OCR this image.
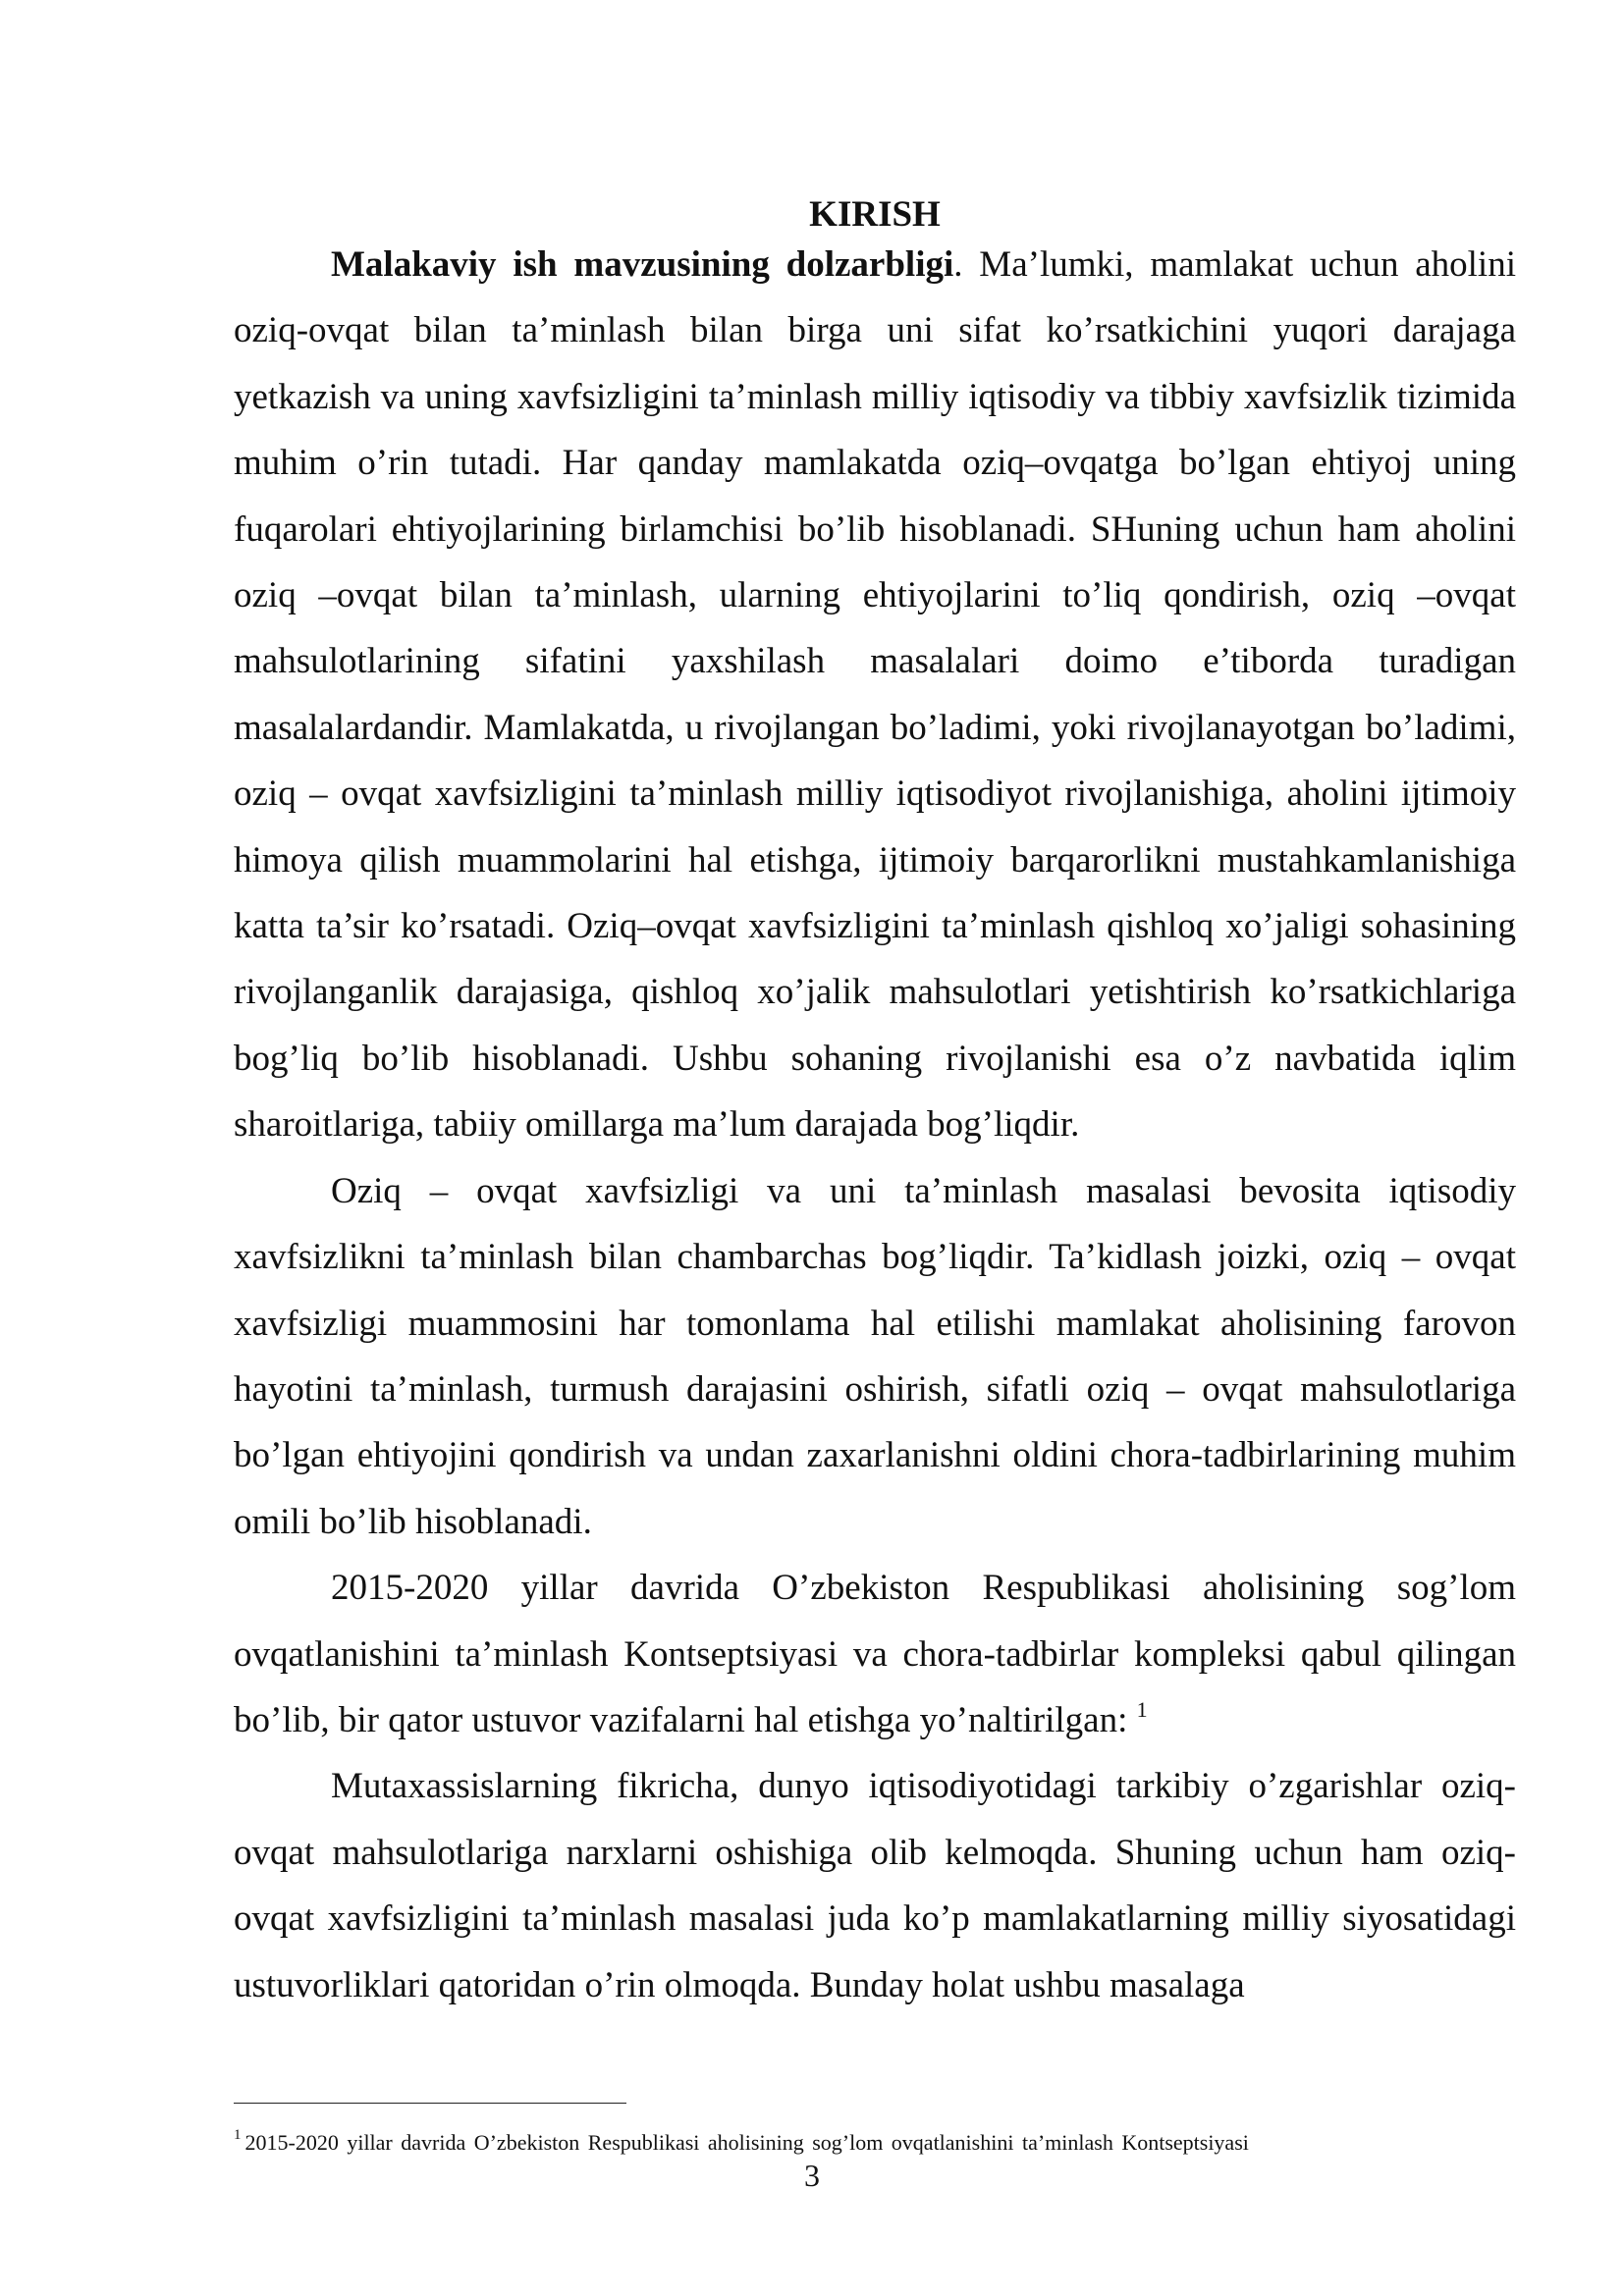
KIRISH

Malakaviy ish mavzusining dolzarbligi. Ma’lumki, mamlakat uchun aholini oziq-ovqat bilan ta’minlash bilan birga uni sifat ko’rsatkichini yuqori darajaga yetkazish va uning xavfsizligini ta’minlash milliy iqtisodiy va tibbiy xavfsizlik tizimida muhim o’rin tutadi. Har qanday mamlakatda oziq–ovqatga bo’lgan ehtiyoj uning fuqarolari ehtiyojlarining birlamchisi bo’lib hisoblanadi. SHuning uchun ham aholini oziq –ovqat bilan ta’minlash, ularning ehtiyojlarini to’liq qondirish, oziq –ovqat mahsulotlarining sifatini yaxshilash masalalari doimo e’tiborda turadigan masalalardandir. Mamlakatda, u rivojlangan bo’ladimi, yoki rivojlanayotgan bo’ladimi, oziq – ovqat xavfsizligini ta’minlash milliy iqtisodiyot rivojlanishiga, aholini ijtimoiy himoya qilish muammolarini hal etishga, ijtimoiy barqarorlikni mustahkamlanishiga katta ta’sir ko’rsatadi. Oziq–ovqat xavfsizligini ta’minlash qishloq xo’jaligi sohasining rivojlanganlik darajasiga, qishloq xo’jalik mahsulotlari yetishtirish ko’rsatkichlariga bog’liq bo’lib hisoblanadi. Ushbu sohaning rivojlanishi esa o’z navbatida iqlim sharoitlariga, tabiiy omillarga ma’lum darajada bog’liqdir.

Oziq – ovqat xavfsizligi va uni ta’minlash masalasi bevosita iqtisodiy xavfsizlikni ta’minlash bilan chambarchas bog’liqdir. Ta’kidlash joizki, oziq – ovqat xavfsizligi muammosini har tomonlama hal etilishi mamlakat aholisining farovon hayotini ta’minlash, turmush darajasini oshirish, sifatli oziq – ovqat mahsulotlariga bo’lgan ehtiyojini qondirish va undan zaxarlanishni oldini chora-tadbirlarining muhim omili bo’lib hisoblanadi.

2015-2020 yillar davrida O’zbekiston Respublikasi aholisining sog’lom ovqatlanishini ta’minlash Kontseptsiyasi va chora-tadbirlar kompleksi qabul qilingan bo’lib, bir qator ustuvor vazifalarni hal etishga yo’naltirilgan: $^1$

Mutaxassislarning fikricha, dunyo iqtisodiyotidagi tarkibiy o’zgarishlar oziq-ovqat mahsulotlariga narxlarni oshishiga olib kelmoqda. Shuning uchun ham oziq-ovqat xavfsizligini ta’minlash masalasi juda ko’p mamlakatlarning milliy siyosatidagi ustuvorliklari qatoridan o’rin olmoqda. Bunday holat ushbu masalaga

$^1$ 2015-2020 yillar davrida O’zbekiston Respublikasi aholisining sog’lom ovqatlanishini ta’minlash Kontseptsiyasi
3
